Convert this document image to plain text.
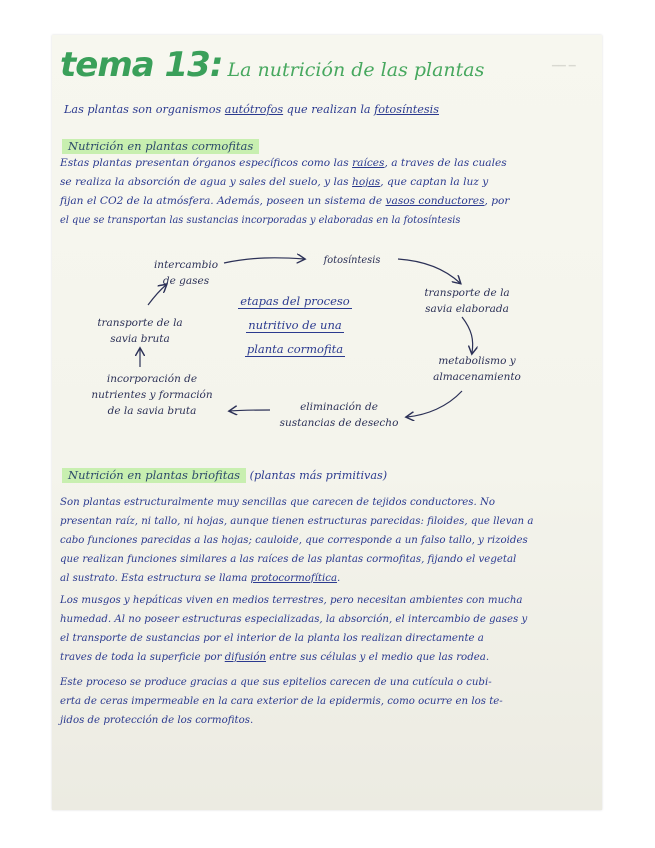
▁▁ ▁
tema 13: La nutrición de las plantas
Las plantas son organismos autótrofos que realizan la fotosíntesis
Nutrición en plantas cormofitas
Estas plantas presentan órganos específicos como las raíces, a traves de las cuales
se realiza la absorción de agua y sales del suelo, y las hojas, que captan la luz y
fijan el CO2 de la atmósfera. Además, poseen un sistema de vasos conductores, por
el que se transportan las sustancias incorporadas y elaboradas en la fotosíntesis
intercambio
de gases
fotosíntesis
transporte de la
savia elaborada
metabolismo y
almacenamiento
eliminación de
sustancias de desecho
incorporación de
nutrientes y formación
de la savia bruta
transporte de la
savia bruta
etapas del proceso
nutritivo de una
planta cormofita
Nutrición en plantas briofitas (plantas más primitivas)
Son plantas estructuralmente muy sencillas que carecen de tejidos conductores. No
presentan raíz, ni tallo, ni hojas, aunque tienen estructuras parecidas: filoides, que llevan a
cabo funciones parecidas a las hojas; cauloide, que corresponde a un falso tallo, y rizoides
que realizan funciones similares a las raíces de las plantas cormofitas, fijando el vegetal
al sustrato. Esta estructura se llama protocormofítica.
Los musgos y hepáticas viven en medios terrestres, pero necesitan ambientes con mucha
humedad. Al no poseer estructuras especializadas, la absorción, el intercambio de gases y
el transporte de sustancias por el interior de la planta los realizan directamente a
traves de toda la superficie por difusión entre sus células y el medio que las rodea.
Este proceso se produce gracias a que sus epitelios carecen de una cutícula o cubi-
erta de ceras impermeable en la cara exterior de la epidermis, como ocurre en los te-
jidos de protección de los cormofitos.
